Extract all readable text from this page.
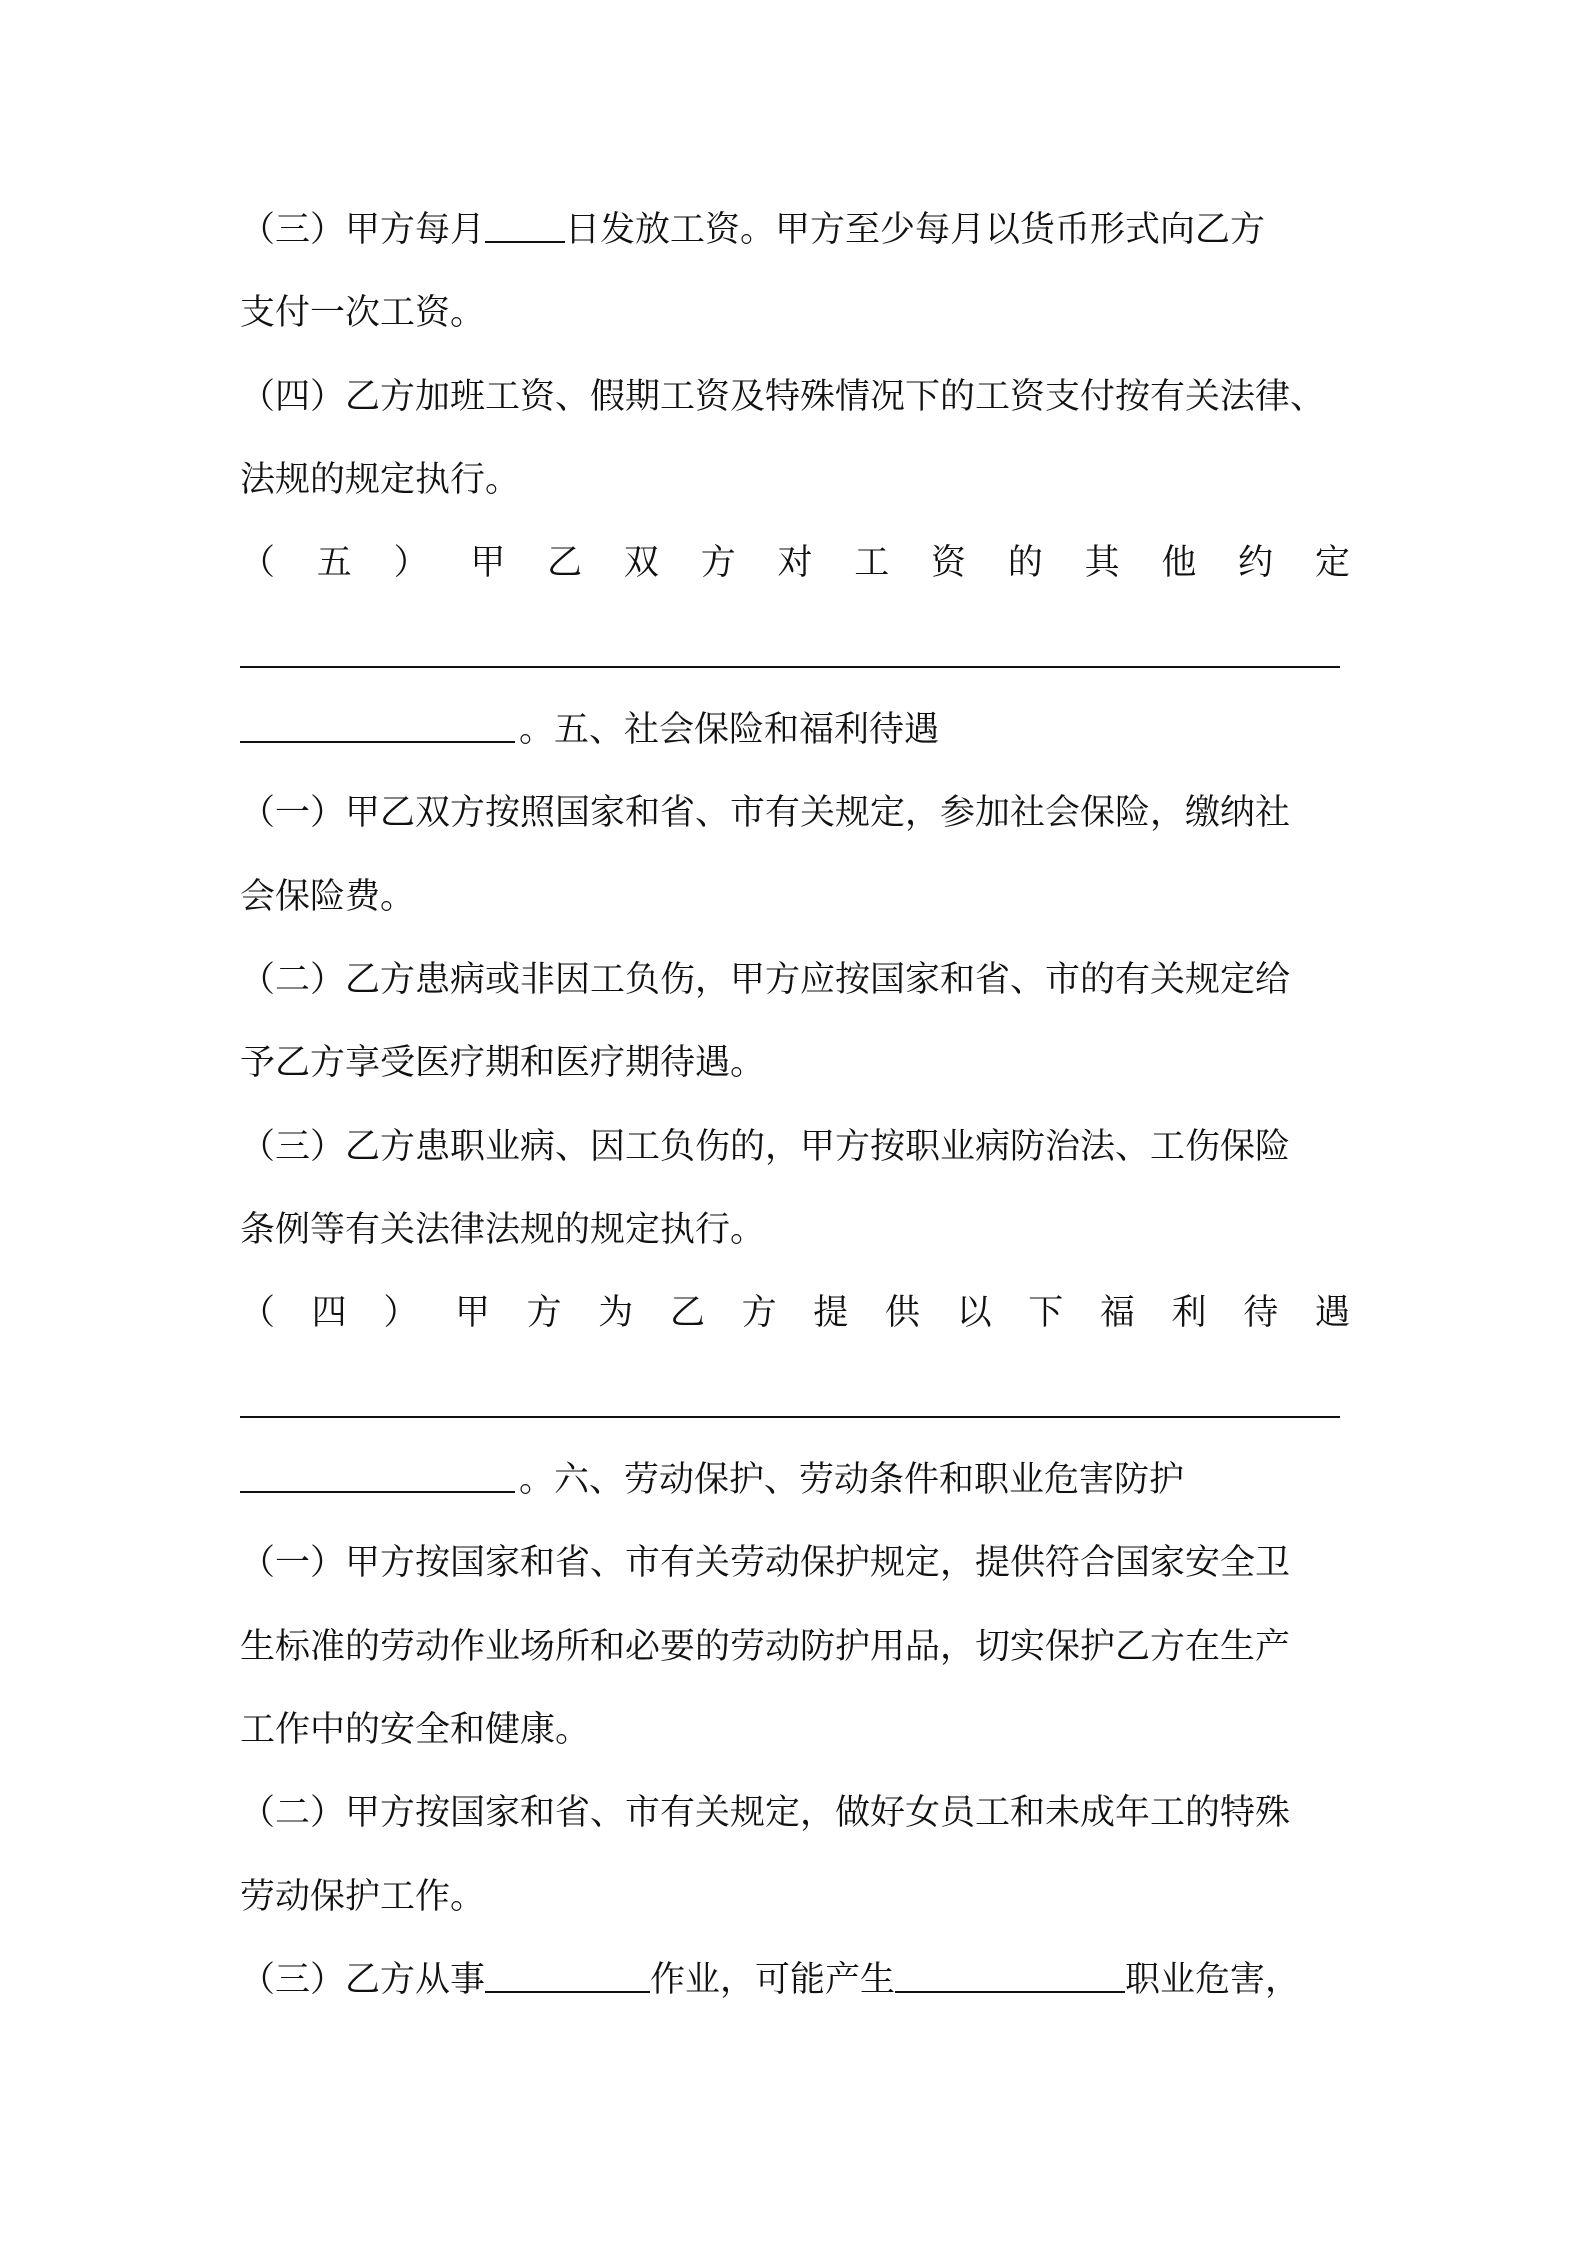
（三）甲方每月 日发放工资。甲方至少每月以货币形式向乙方
支付一次工资。
（四）乙方加班工资、假期工资及特殊情况下的工资支付按有关法律、
法规的规定执行。
（ 五 ） 甲 乙 双 方 对 工 资 的 其 他 约 定
。五、社会保险和福利待遇
（一）甲乙双方按照国家和省、市有关规定，参加社会保险，缴纳社
会保险费。
（二）乙方患病或非因工负伤，甲方应按国家和省、市的有关规定给
予乙方享受医疗期和医疗期待遇。
（三）乙方患职业病、因工负伤的，甲方按职业病防治法、工伤保险
条例等有关法律法规的规定执行。
（ 四 ） 甲 方 为 乙 方 提 供 以 下 福 利 待 遇
。六、劳动保护、劳动条件和职业危害防护
（一）甲方按国家和省、市有关劳动保护规定，提供符合国家安全卫
生标准的劳动作业场所和必要的劳动防护用品，切实保护乙方在生产
工作中的安全和健康。
（二）甲方按国家和省、市有关规定，做好女员工和未成年工的特殊
劳动保护工作。
（三）乙方从事	作业，可能产生	职业危害，
